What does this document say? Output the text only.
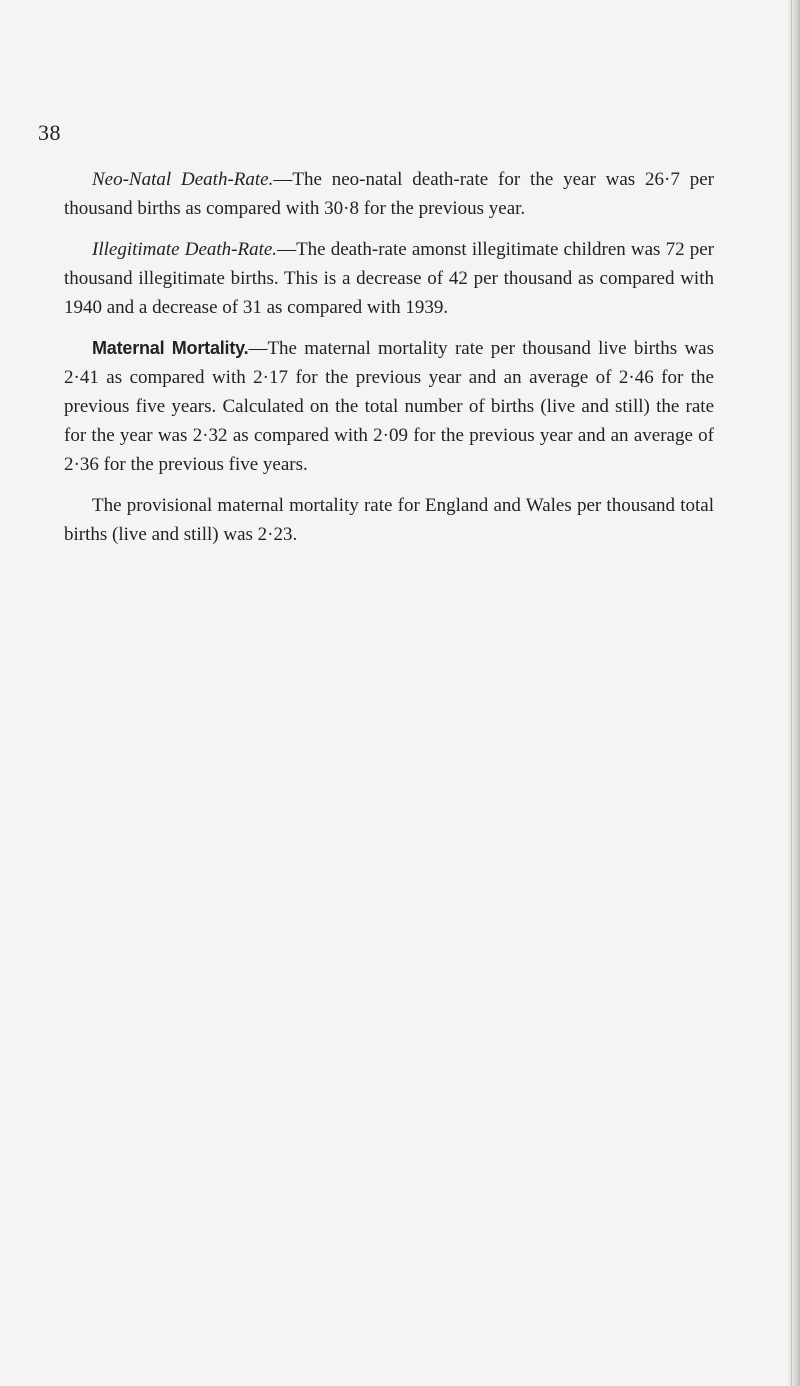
38

Neo-Natal Death-Rate.—The neo-natal death-rate for the year was 26·7 per thousand births as compared with 30·8 for the previous year.

Illegitimate Death-Rate.—The death-rate amonst illegitimate children was 72 per thousand illegitimate births. This is a decrease of 42 per thousand as compared with 1940 and a decrease of 31 as compared with 1939.

Maternal Mortality.—The maternal mortality rate per thousand live births was 2·41 as compared with 2·17 for the previous year and an average of 2·46 for the previous five years. Calculated on the total number of births (live and still) the rate for the year was 2·32 as compared with 2·09 for the previous year and an average of 2·36 for the previous five years.

The provisional maternal mortality rate for England and Wales per thousand total births (live and still) was 2·23.
